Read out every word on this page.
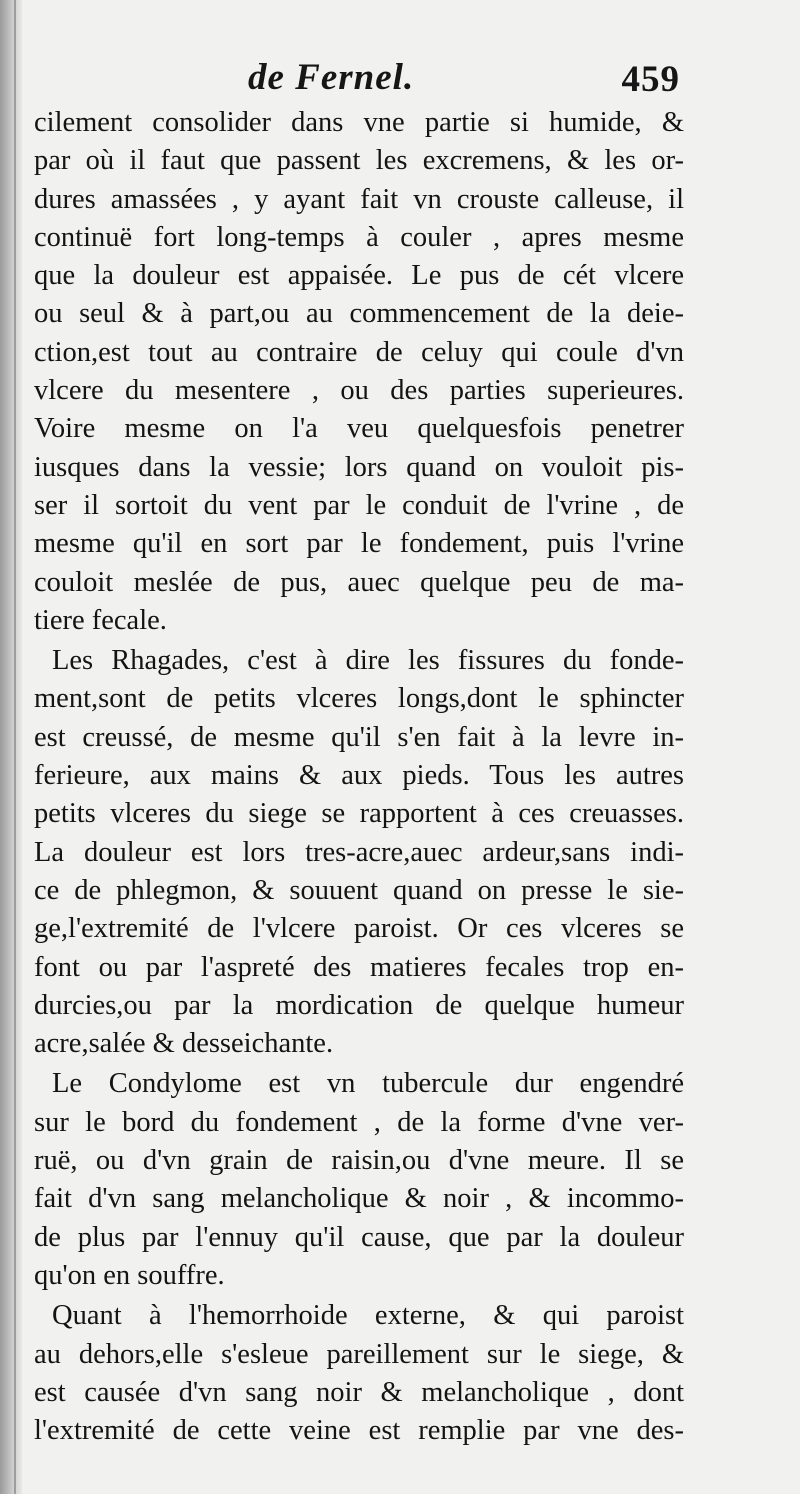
de Fernel.	459
cilement consolider dans vne partie si humide, &
par où il faut que passent les excremens, & les or-
dures amassées , y ayant fait vn crouste calleuse, il
continuë fort long-temps à couler , apres mesme
que la douleur est appaisée. Le pus de cét vlcere
ou seul & à part,ou au commencement de la deie-
ction,est tout au contraire de celuy qui coule d'vn
vlcere du mesentere , ou des parties superieures.
Voire mesme on l'a veu quelquesfois penetrer
iusques dans la vessie; lors quand on vouloit pis-
ser il sortoit du vent par le conduit de l'vrine , de
mesme qu'il en sort par le fondement, puis l'vrine
couloit meslée de pus, auec quelque peu de ma-
tiere fecale.
Les Rhagades, c'est à dire les fissures du fonde-
ment,sont de petits vlceres longs,dont le sphincter
est creussé, de mesme qu'il s'en fait à la levre in-
ferieure, aux mains & aux pieds. Tous les autres
petits vlceres du siege se rapportent à ces creuasses.
La douleur est lors tres-acre,auec ardeur,sans indi-
ce de phlegmon, & souuent quand on presse le sie-
ge,l'extremité de l'vlcere paroist. Or ces vlceres se
font ou par l'aspreté des matieres fecales trop en-
durcies,ou par la mordication de quelque humeur
acre,salée & desseichante.
Le Condylome est vn tubercule dur engendré
sur le bord du fondement , de la forme d'vne ver-
ruë, ou d'vn grain de raisin,ou d'vne meure. Il se
fait d'vn sang melancholique & noir , & incommo-
de plus par l'ennuy qu'il cause, que par la douleur
qu'on en souffre.
Quant à l'hemorrhoide externe, & qui paroist
au dehors,elle s'esleue pareillement sur le siege, &
est causée d'vn sang noir & melancholique , dont
l'extremité de cette veine est remplie par vne des-
